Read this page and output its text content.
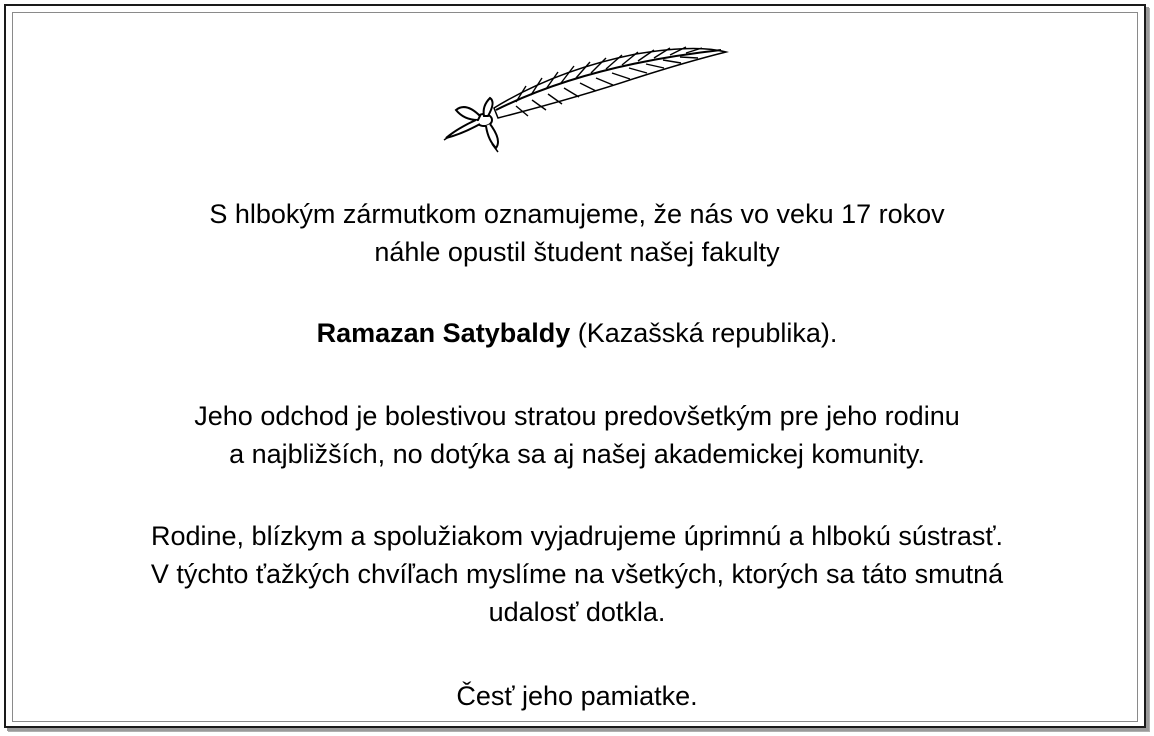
S hlbokým zármutkom oznamujeme, že nás vo veku 17 rokov

náhle opustil študent našej fakulty

Ramazan Satybaldy (Kazašská republika).

Jeho odchod je bolestivou stratou predovšetkým pre jeho rodinu

a najbližších, no dotýka sa aj našej akademickej komunity.

Rodine, blízkym a spolužiakom vyjadrujeme úprimnú a hlbokú sústrasť.

V týchto ťažkých chvíľach myslíme na všetkých, ktorých sa táto smutná

udalosť dotkla.

Česť jeho pamiatke.
